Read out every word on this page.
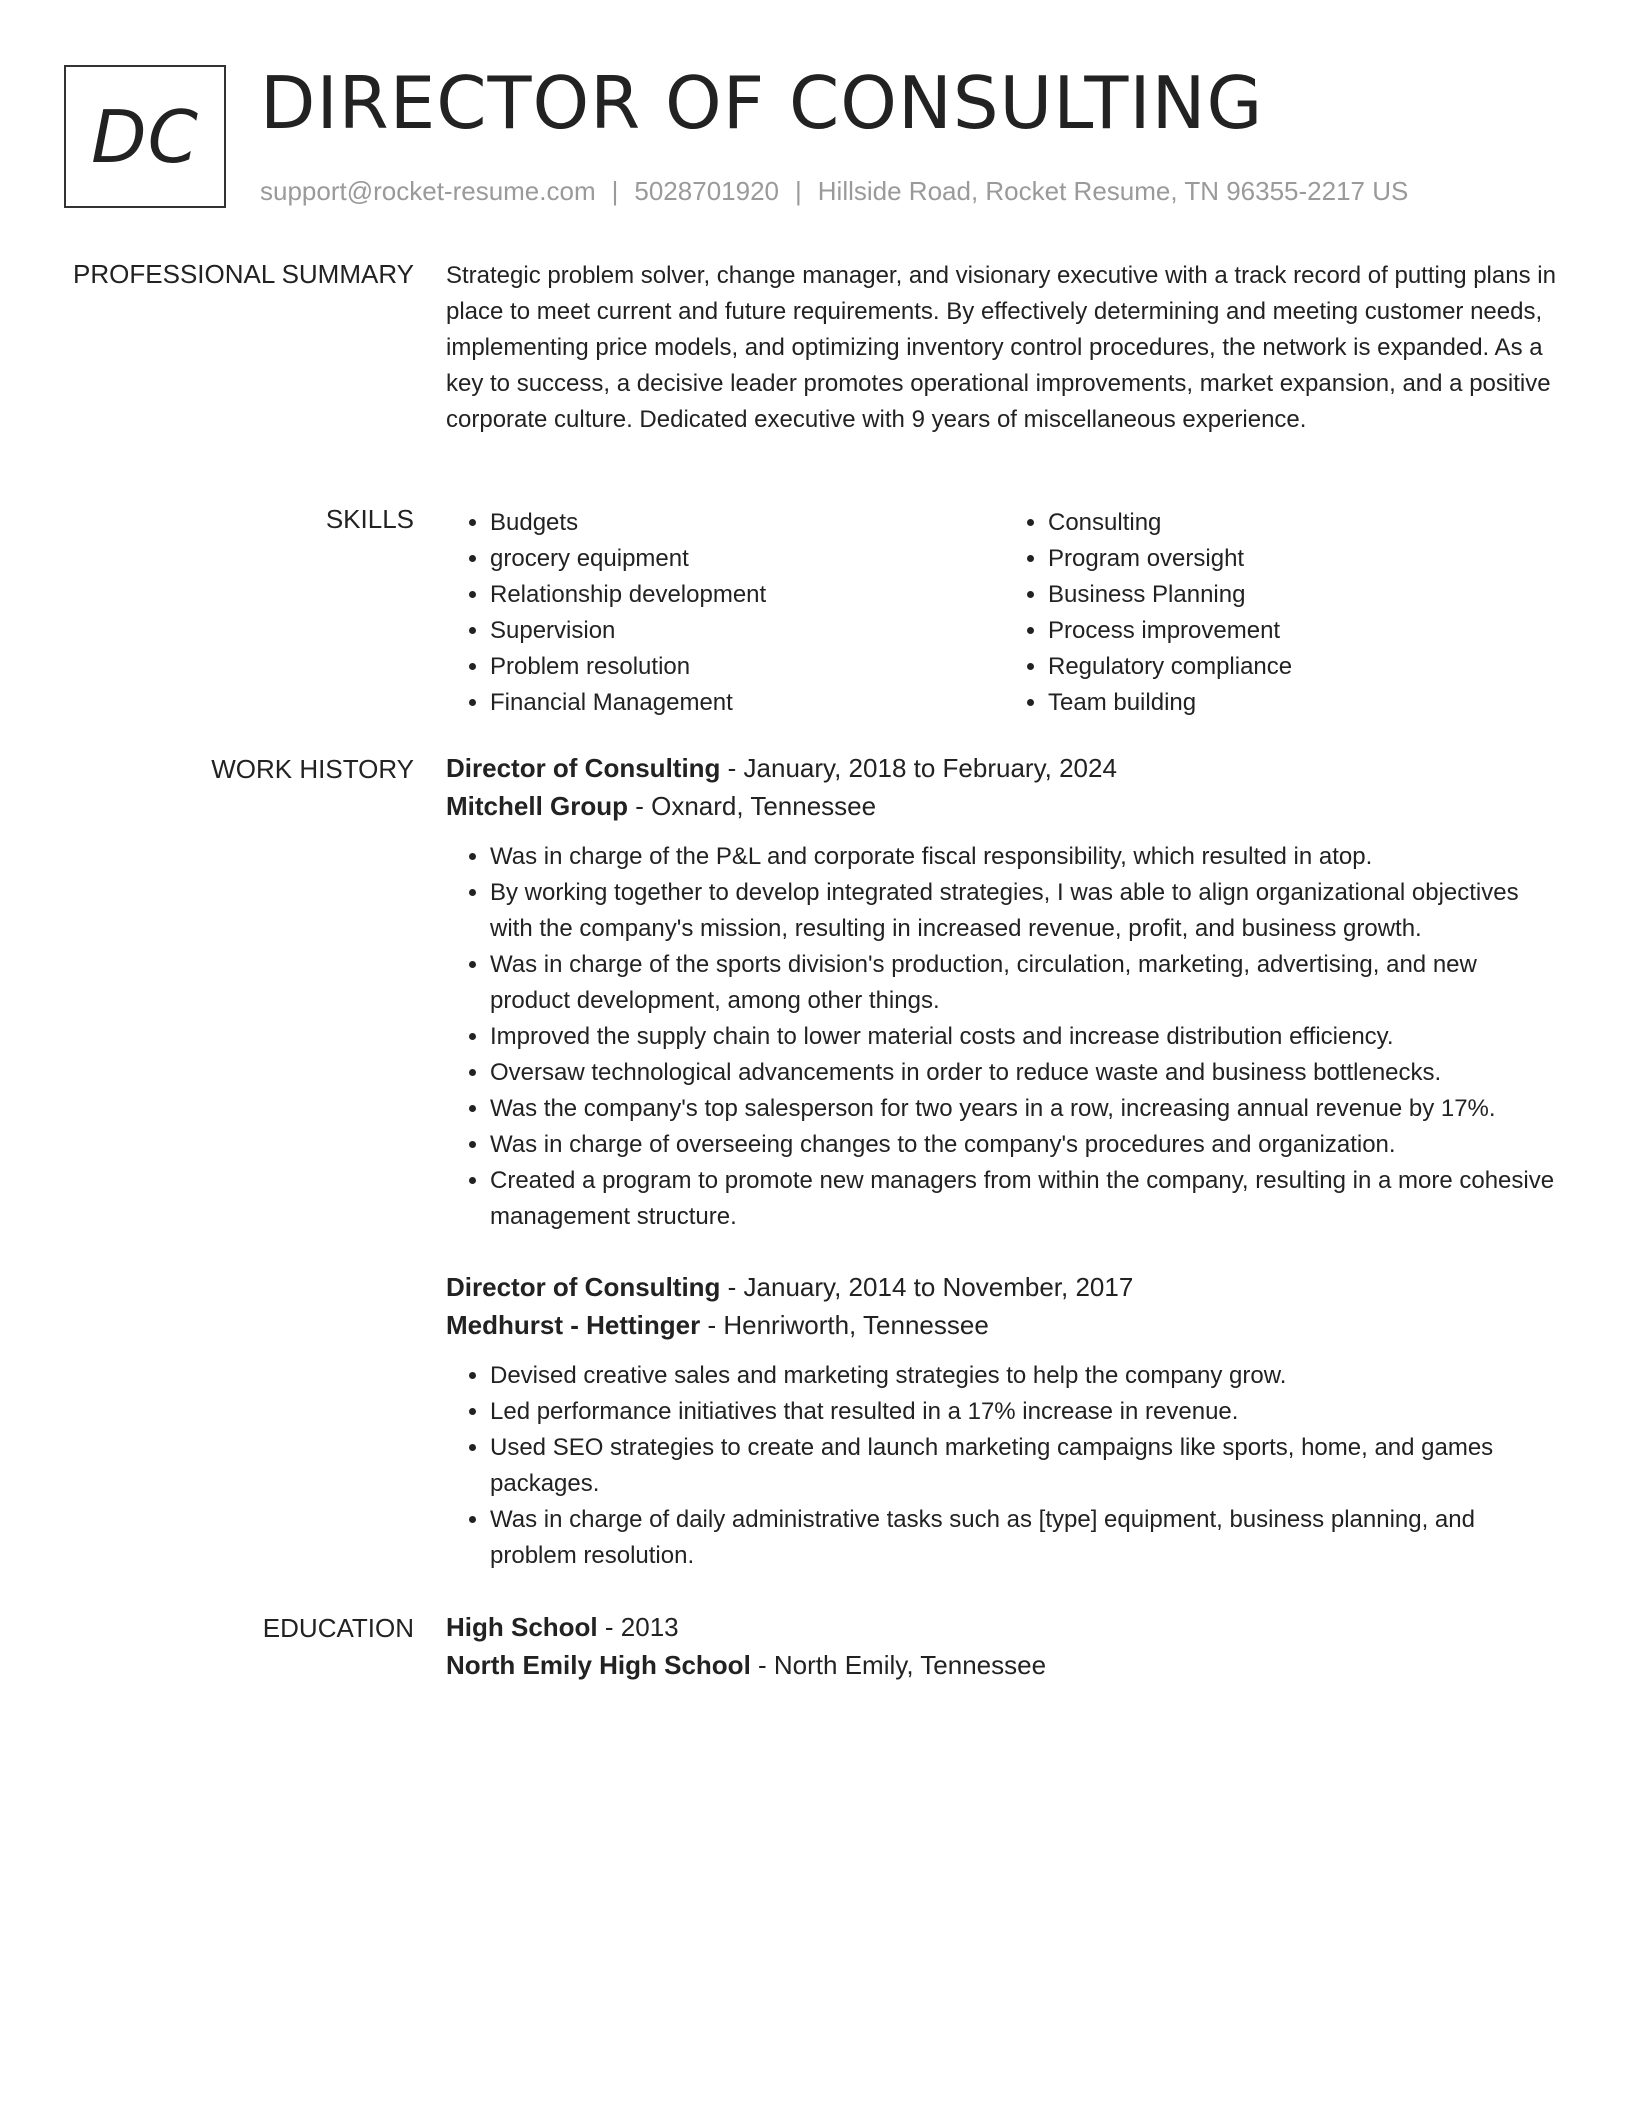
DC DIRECTOR OF CONSULTING
support@rocket-resume.com | 5028701920 | Hillside Road, Rocket Resume, TN 96355-2217 US
PROFESSIONAL SUMMARY Strategic problem solver, change manager, and visionary executive with a track record of putting plans in place to meet current and future requirements. By effectively determining and meeting customer needs, implementing price models, and optimizing inventory control procedures, the network is expanded. As a key to success, a decisive leader promotes operational improvements, market expansion, and a positive corporate culture. Dedicated executive with 9 years of miscellaneous experience.

SKILLS
•	Budgets
• grocery equipment
• Relationship development
• Supervision
• Problem resolution
• Financial Management
• Consulting
• Program oversight
• Business Planning
• Process improvement
• Regulatory compliance
• Team building
WORK HISTORY Director of Consulting - January, 2018 to February, 2024
Mitchell Group - Oxnard, Tennessee
• Was in charge of the P&L and corporate fiscal responsibility, which resulted in atop.
• By working together to develop integrated strategies, I was able to align organizational objectives with the company's mission, resulting in increased revenue, profit, and business growth.
• Was in charge of the sports division's production, circulation, marketing, advertising, and new product development, among other things.
• Improved the supply chain to lower material costs and increase distribution efficiency.
• Oversaw technological advancements in order to reduce waste and business bottlenecks.
• Was the company's top salesperson for two years in a row, increasing annual revenue by 17%.
• Was in charge of overseeing changes to the company's procedures and organization.
• Created a program to promote new managers from within the company, resulting in a more cohesive management structure.
Director of Consulting - January, 2014 to November, 2017
Medhurst - Hettinger - Henriworth, Tennessee
• Devised creative sales and marketing strategies to help the company grow.
• Led performance initiatives that resulted in a 17% increase in revenue.
• Used SEO strategies to create and launch marketing campaigns like sports, home, and games packages.
• Was in charge of daily administrative tasks such as [type] equipment, business planning, and problem resolution.
EDUCATION High School - 2013
North Emily High School - North Emily, Tennessee
